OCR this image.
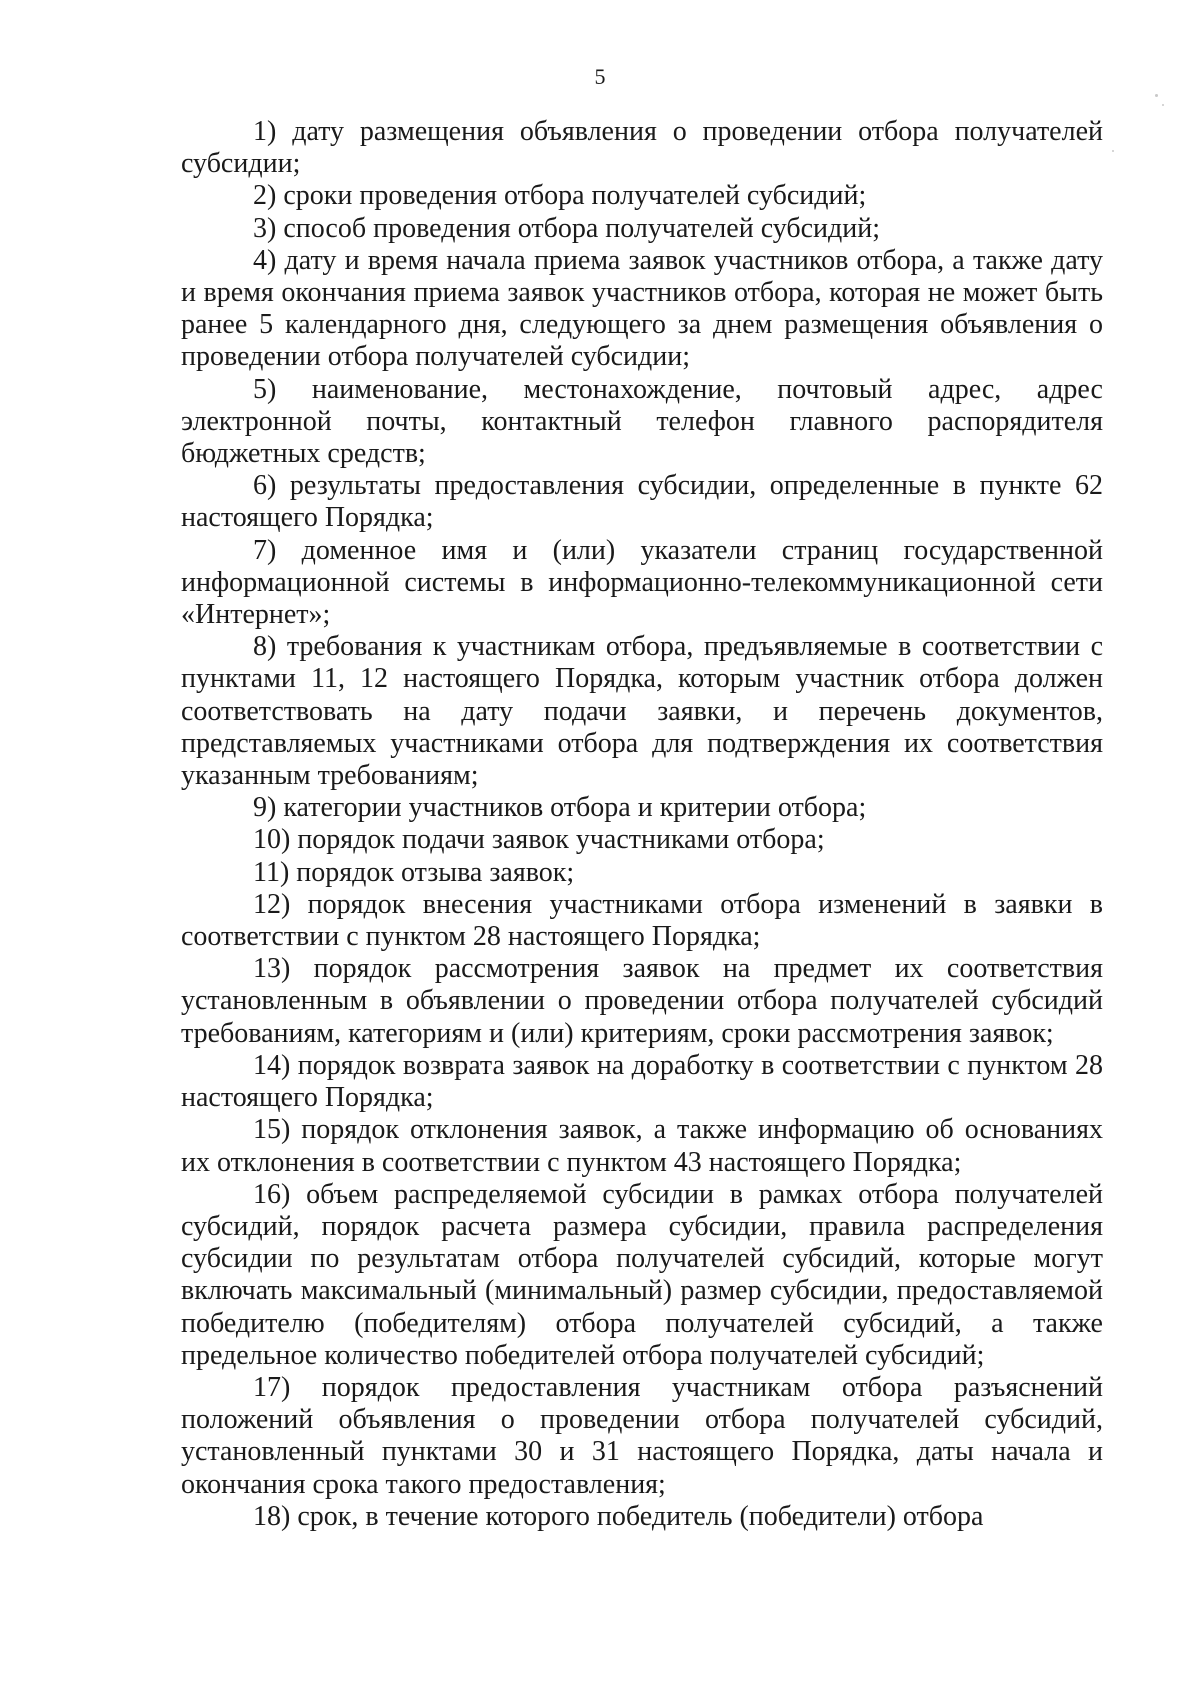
5

1) дату размещения объявления о проведении отбора получателей субсидии;

2) сроки проведения отбора получателей субсидий;

3) способ проведения отбора получателей субсидий;

4) дату и время начала приема заявок участников отбора, а также дату и время окончания приема заявок участников отбора, которая не может быть ранее 5 календарного дня, следующего за днем размещения объявления о проведении отбора получателей субсидии;

5) наименование, местонахождение, почтовый адрес, адрес электронной почты, контактный телефон главного распорядителя бюджетных средств;

6) результаты предоставления субсидии, определенные в пункте 62 настоящего Порядка;

7) доменное имя и (или) указатели страниц государственной информационной системы в информационно-телекоммуникационной сети «Интернет»;

8) требования к участникам отбора, предъявляемые в соответствии с пунктами 11, 12 настоящего Порядка, которым участник отбора должен соответствовать на дату подачи заявки, и перечень документов, представляемых участниками отбора для подтверждения их соответствия указанным требованиям;

9) категории участников отбора и критерии отбора;

10) порядок подачи заявок участниками отбора;

11) порядок отзыва заявок;

12) порядок внесения участниками отбора изменений в заявки в соответствии с пунктом 28 настоящего Порядка;

13) порядок рассмотрения заявок на предмет их соответствия установленным в объявлении о проведении отбора получателей субсидий требованиям, категориям и (или) критериям, сроки рассмотрения заявок;

14) порядок возврата заявок на доработку в соответствии с пунктом 28 настоящего Порядка;

15) порядок отклонения заявок, а также информацию об основаниях их отклонения в соответствии с пунктом 43 настоящего Порядка;

16) объем распределяемой субсидии в рамках отбора получателей субсидий, порядок расчета размера субсидии, правила распределения субсидии по результатам отбора получателей субсидий, которые могут включать максимальный (минимальный) размер субсидии, предоставляемой победителю (победителям) отбора получателей субсидий, а также предельное количество победителей отбора получателей субсидий;

17) порядок предоставления участникам отбора разъяснений положений объявления о проведении отбора получателей субсидий, установленный пунктами 30 и 31 настоящего Порядка, даты начала и окончания срока такого предоставления;

18) срок, в течение которого победитель (победители) отбора
